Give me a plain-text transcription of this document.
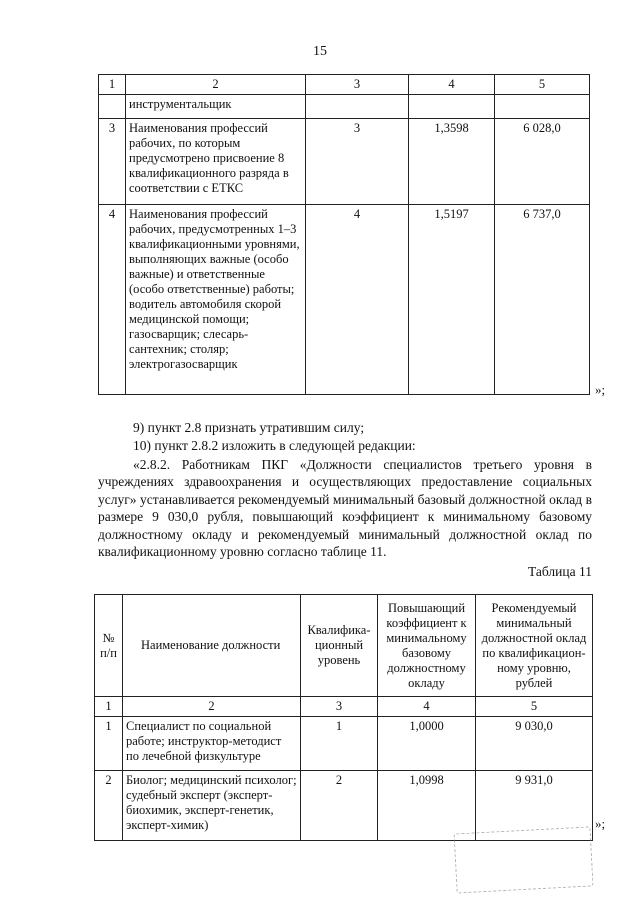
15
1	2	3	4	5
	инструментальщик			
3	Наименования профессий рабочих, по которым предусмотрено присвоение 8 квалификационного разряда в соответствии с ЕТКС	3	1,3598	6 028,0
4	Наименования профессий рабочих, предусмотренных 1–3 квалификационными уровнями, выполняющих важные (особо важные) и ответственные (особо ответственные) работы; водитель автомобиля скорой медицинской помощи; газосварщик; слесарь-сантехник; столяр; электрогазосварщик	4	1,5197	6 737,0
»;
9) пункт 2.8 признать утратившим силу;
10) пункт 2.8.2 изложить в следующей редакции:
«2.8.2. Работникам ПКГ «Должности специалистов третьего уровня в учреждениях здравоохранения и осуществляющих предоставление социальных услуг» устанавливается рекомендуемый минимальный базовый должностной оклад в размере 9 030,0 рубля, повышающий коэффициент к минимальному базовому должностному окладу и рекомендуемый минимальный должностной оклад по квалификационному уровню согласно таблице 11.
Таблица 11
№ п/п	Наименование должности	Квалифика-ционный уровень	Повышающий коэффициент к минимальному базовому должностному окладу	Рекомендуемый минимальный должностной оклад по квалификацион-ному уровню, рублей
1	2	3	4	5
1	Специалист по социальной работе; инструктор-методист по лечебной физкультуре	1	1,0000	9 030,0
2	Биолог; медицинский психолог; судебный эксперт (эксперт-биохимик, эксперт-генетик, эксперт-химик)	2	1,0998	9 931,0
»;
